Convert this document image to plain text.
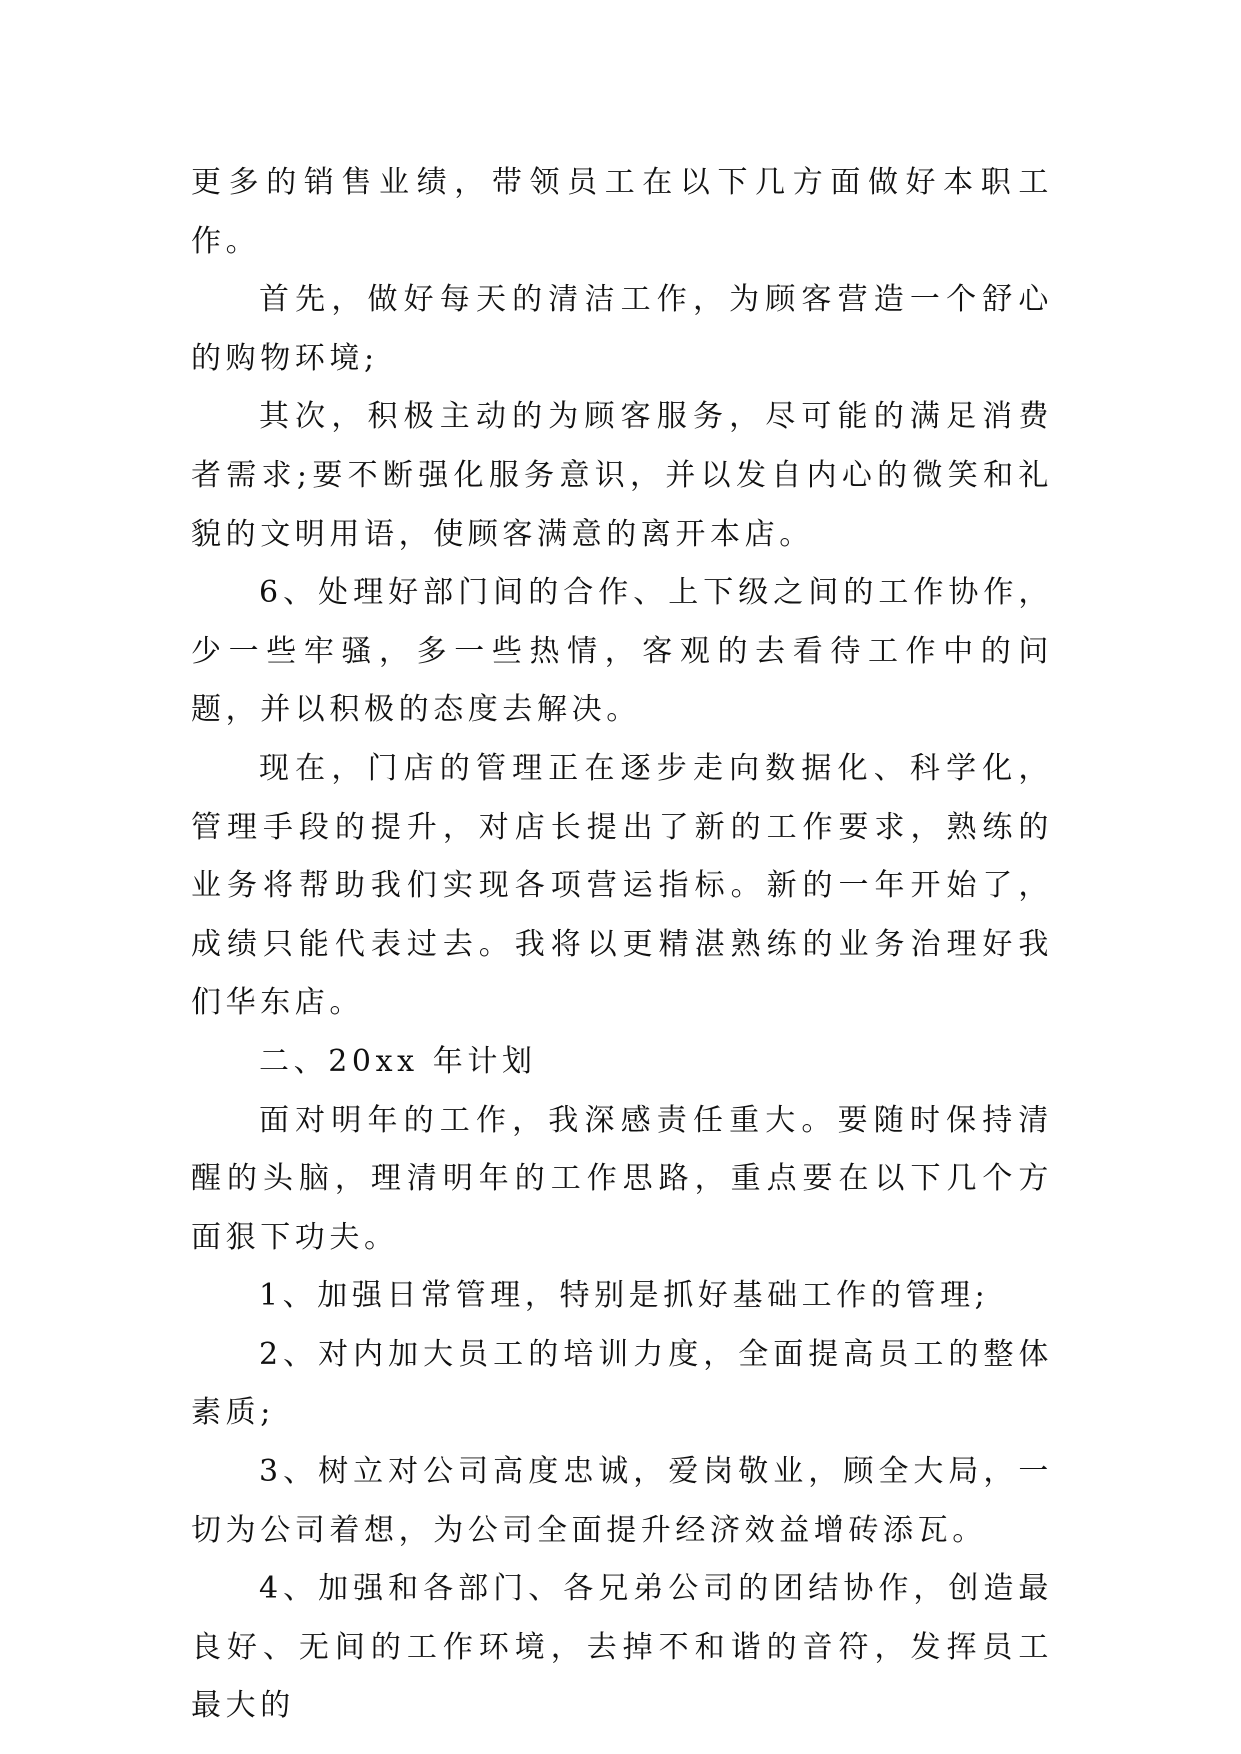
更多的销售业绩，带领员工在以下几方面做好本职工作。

首先，做好每天的清洁工作，为顾客营造一个舒心的购物环境;

其次，积极主动的为顾客服务，尽可能的满足消费者需求;要不断强化服务意识，并以发自内心的微笑和礼貌的文明用语，使顾客满意的离开本店。

6、处理好部门间的合作、上下级之间的工作协作，少一些牢骚，多一些热情，客观的去看待工作中的问题，并以积极的态度去解决。

现在，门店的管理正在逐步走向数据化、科学化，管理手段的提升，对店长提出了新的工作要求，熟练的业务将帮助我们实现各项营运指标。新的一年开始了，成绩只能代表过去。我将以更精湛熟练的业务治理好我们华东店。

二、20xx 年计划

面对明年的工作，我深感责任重大。要随时保持清醒的头脑，理清明年的工作思路，重点要在以下几个方面狠下功夫。

1、加强日常管理，特别是抓好基础工作的管理;

2、对内加大员工的培训力度，全面提高员工的整体素质;

3、树立对公司高度忠诚，爱岗敬业，顾全大局，一切为公司着想，为公司全面提升经济效益增砖添瓦。

4、加强和各部门、各兄弟公司的团结协作，创造最良好、无间的工作环境，去掉不和谐的音符，发挥员工最大的
